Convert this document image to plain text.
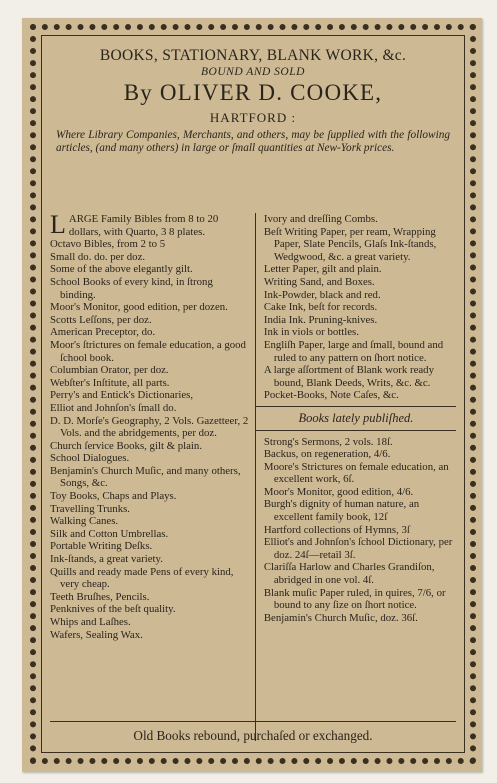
BOOKS, STATIONARY, BLANK WORK, &c.
BOUND AND SOLD
By OLIVER D. COOKE,
HARTFORD :
Where Library Companies, Merchants, and others, may be ſupplied with the following articles, (and many others) in large or ſmall quantities at New-York prices.

L ARGE Family Bibles from 8 to 20 dollars, with Quarto, 3 8 plates.

Octavo Bibles, from 2 to 5

Small do. do. per doz.

Some of the above elegantly gilt.

School Books of every kind, in ſtrong binding.

Moor's Monitor, good edition, per dozen.

Scotts Leſſons, per doz.

American Preceptor, do.

Moor's ſtrictures on female education, a good ſchool book.

Columbian Orator, per doz.

Webſter's Inſtitute, all parts.

Perry's and Entick's Dictionaries,

Elliot and Johnſon's ſmall do.

D. D. Morſe's Geography, 2 Vols. Gazetteer, 2 Vols. and the abridgements, per doz.

Church ſervice Books, gilt & plain.

School Dialogues.

Benjamin's Church Muſic, and many others, Songs, &c.

Toy Books, Chaps and Plays.

Travelling Trunks.

Walking Canes.

Silk and Cotton Umbrellas.

Portable Writing Deſks.

Ink-ſtands, a great variety.

Quills and ready made Pens of every kind, very cheap.

Teeth Bruſhes, Pencils.

Penknives of the beſt quality.

Whips and Laſhes.

Wafers, Sealing Wax.

Ivory and dreſſing Combs.

Beſt Writing Paper, per ream, Wrapping Paper, Slate Pencils, Glaſs Ink-ſtands, Wedgwood, &c. a great variety.

Letter Paper, gilt and plain.

Writing Sand, and Boxes.

Ink-Powder, black and red.

Cake Ink, beſt for records.

India Ink. Pruning-knives.

Ink in viols or bottles.

Engliſh Paper, large and ſmall, bound and ruled to any pattern on ſhort notice.

A large aſſortment of Blank work ready bound, Blank Deeds, Writs, &c. &c.

Pocket-Books, Note Caſes, &c.

Books lately publiſhed.

Strong's Sermons, 2 vols. 18ſ.

Backus, on regeneration, 4/6.

Moore's Strictures on female education, an excellent work, 6ſ.

Moor's Monitor, good edition, 4/6.

Burgh's dignity of human nature, an excellent family book, 12ſ

Hartford collections of Hymns, 3ſ

Elliot's and Johnſon's ſchool Dictionary, per doz. 24ſ—retail 3ſ.

Clariſſa Harlow and Charles Grandiſon, abridged in one vol. 4ſ.

Blank muſic Paper ruled, in quires, 7/6, or bound to any ſize on ſhort notice.

Benjamin's Church Muſic, doz. 36ſ.

Old Books rebound, purchaſed or exchanged.
